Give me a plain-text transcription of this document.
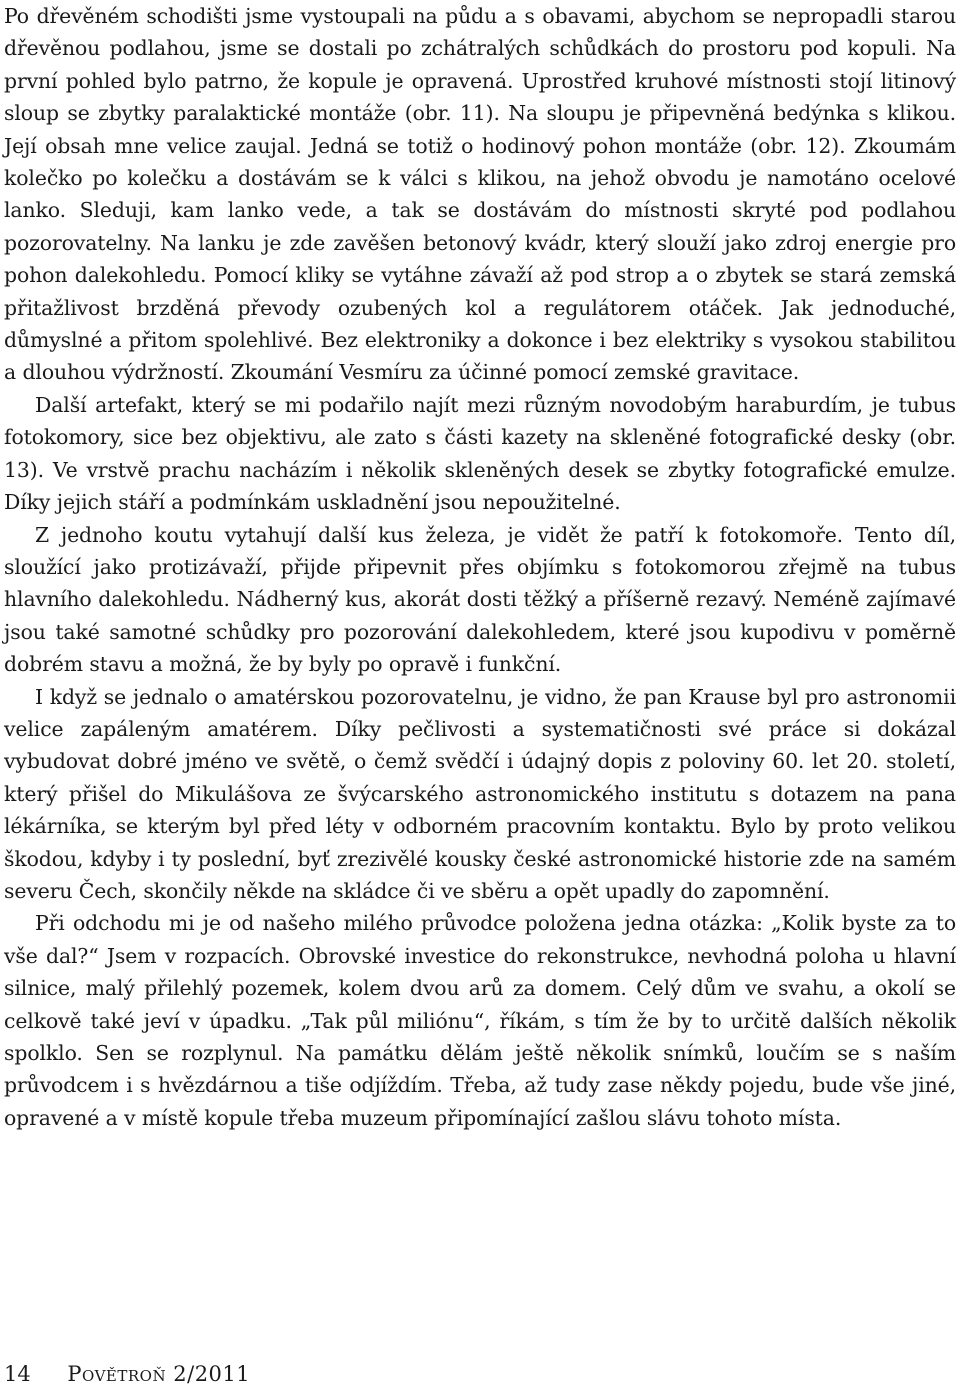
Po dřevěném schodišti jsme vystoupali na půdu a s obavami, abychom se nepropadli starou dřevěnou podlahou, jsme se dostali po zchátralých schůdkách do prostoru pod kopuli. Na první pohled bylo patrno, že kopule je opravená. Uprostřed kruhové místnosti stojí litinový sloup se zbytky paralaktické montáže (obr. 11). Na sloupu je připevněná bedýnka s klikou. Její obsah mne velice zaujal. Jedná se totiž o hodinový pohon montáže (obr. 12). Zkoumám kolečko po kolečku a dostávám se k válci s klikou, na jehož obvodu je namotáno ocelové lanko. Sleduji, kam lanko vede, a tak se dostávám do místnosti skryté pod podlahou pozorovatelny. Na lanku je zde zavěšen betonový kvádr, který slouží jako zdroj energie pro pohon dalekohledu. Pomocí kliky se vytáhne závaží až pod strop a o zbytek se stará zemská přitažlivost brzděná převody ozubených kol a regulátorem otáček. Jak jednoduché, důmyslné a přitom spolehlivé. Bez elektroniky a dokonce i bez elektriky s vysokou stabilitou a dlouhou výdržností. Zkoumání Vesmíru za účinné pomocí zemské gravitace.

Další artefakt, který se mi podařilo najít mezi různým novodobým haraburdím, je tubus fotokomory, sice bez objektivu, ale zato s části kazety na skleněné fotografické desky (obr. 13). Ve vrstvě prachu nacházím i několik skleněných desek se zbytky fotografické emulze. Díky jejich stáří a podmínkám uskladnění jsou nepoužitelné.

Z jednoho koutu vytahují další kus železa, je vidět že patří k fotokomoře. Tento díl, sloužící jako protizávaží, přijde připevnit přes objímku s fotokomorou zřejmě na tubus hlavního dalekohledu. Nádherný kus, akorát dosti těžký a příšerně rezavý. Neméně zajímavé jsou také samotné schůdky pro pozorování dalekohledem, které jsou kupodivu v poměrně dobrém stavu a možná, že by byly po opravě i funkční.

I když se jednalo o amatérskou pozorovatelnu, je vidno, že pan Krause byl pro astronomii velice zapáleným amatérem. Díky pečlivosti a systematičnosti své práce si dokázal vybudovat dobré jméno ve světě, o čemž svědčí i údajný dopis z poloviny 60. let 20. století, který přišel do Mikulášova ze švýcarského astronomického institutu s dotazem na pana lékárníka, se kterým byl před léty v odborném pracovním kontaktu. Bylo by proto velikou škodou, kdyby i ty poslední, byť zrezivělé kousky české astronomické historie zde na samém severu Čech, skončily někde na skládce či ve sběru a opět upadly do zapomnění.

Při odchodu mi je od našeho milého průvodce položena jedna otázka: „Kolik byste za to vše dal?“ Jsem v rozpacích. Obrovské investice do rekonstrukce, nevhodná poloha u hlavní silnice, malý přilehlý pozemek, kolem dvou arů za domem. Celý dům ve svahu, a okolí se celkově také jeví v úpadku. „Tak půl miliónu“, říkám, s tím že by to určitě dalších několik spolklo. Sen se rozplynul. Na památku dělám ještě několik snímků, loučím se s naším průvodcem i s hvězdárnou a tiše odjíždím. Třeba, až tudy zase někdy pojedu, bude vše jiné, opravené a v místě kopule třeba muzeum připomínající zašlou slávu tohoto místa.

14 Povětroň 2/2011
